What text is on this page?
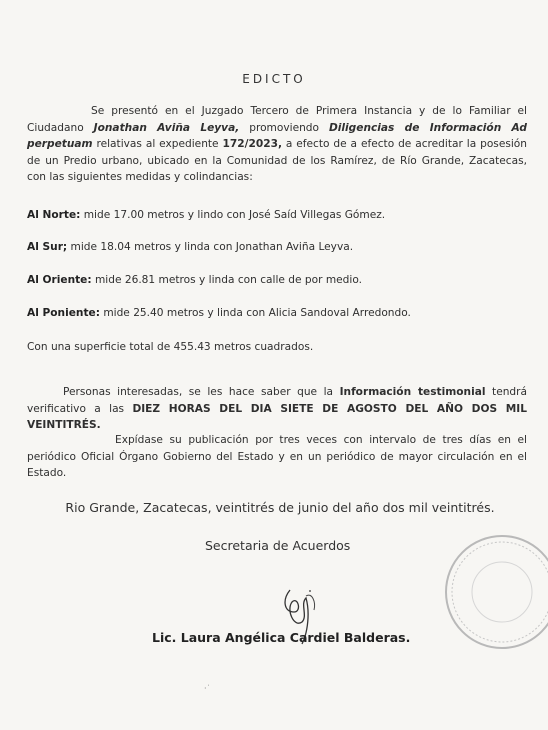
EDICTO
Se presentó en el Juzgado Tercero de Primera Instancia y de lo Familiar el Ciudadano Jonathan Aviña Leyva, promoviendo Diligencias de Información Ad perpetuam relativas al expediente 172/2023, a efecto de a efecto de acreditar la posesión de un Predio urbano, ubicado en la Comunidad de los Ramírez, de Río Grande, Zacatecas, con las siguientes medidas y colindancias:
Al Norte: mide 17.00 metros y lindo con José Saíd Villegas Gómez.
Al Sur; mide 18.04 metros y linda con Jonathan Aviña Leyva.
Al Oriente: mide 26.81 metros y linda con calle de por medio.
Al Poniente: mide 25.40 metros y linda con Alicia Sandoval Arredondo.
Con una superficie total de 455.43 metros cuadrados.
Personas interesadas, se les hace saber que la Información testimonial tendrá verificativo a las DIEZ HORAS DEL DIA SIETE DE AGOSTO DEL AÑO DOS MIL VEINTITRÉS.
Expídase su publicación por tres veces con intervalo de tres días en el periódico Oficial Órgano Gobierno del Estado y en un periódico de mayor circulación en el Estado.
Rio Grande, Zacatecas, veintitrés de junio del año dos mil veintitrés.
Secretaria de Acuerdos
Lic. Laura Angélica Cardiel Balderas.
·˙
